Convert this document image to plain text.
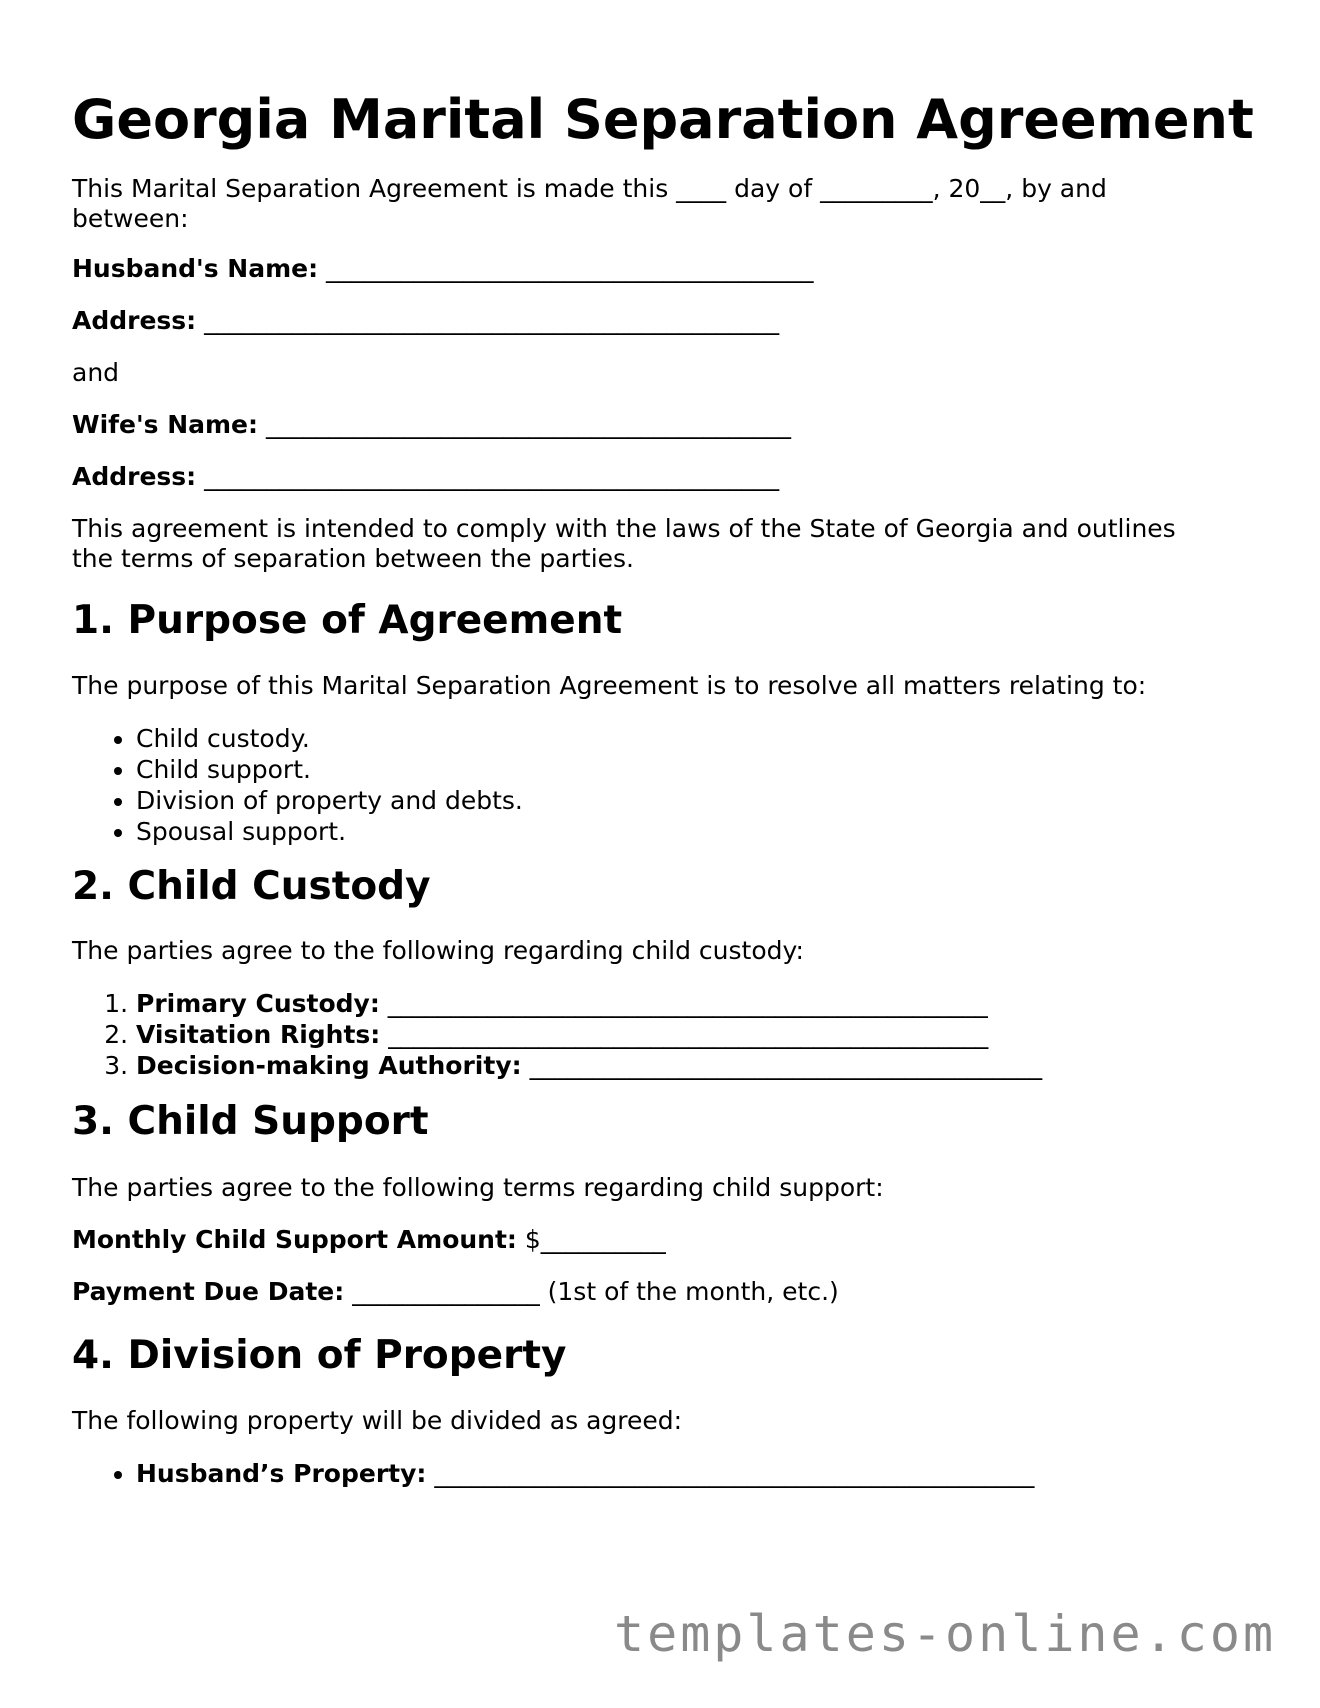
Georgia Marital Separation Agreement

This Marital Separation Agreement is made this ____ day of _________, 20__, by and between:

Husband's Name: _______________________________________

Address: ______________________________________________

and

Wife's Name: __________________________________________

Address: ______________________________________________

This agreement is intended to comply with the laws of the State of Georgia and outlines the terms of separation between the parties.

1. Purpose of Agreement

The purpose of this Marital Separation Agreement is to resolve all matters relating to:

• Child custody.
• Child support.
• Division of property and debts.
• Spousal support.
2. Child Custody

The parties agree to the following regarding child custody:

1. Primary Custody: ________________________________________________
2. Visitation Rights: ________________________________________________
3. Decision-making Authority: _________________________________________
3. Child Support

The parties agree to the following terms regarding child support:

Monthly Child Support Amount: $__________

Payment Due Date: _______________ (1st of the month, etc.)

4. Division of Property

The following property will be divided as agreed:

• Husband’s Property: ________________________________________________
templates-online.com
